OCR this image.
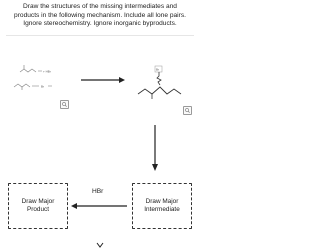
Draw the structures of the missing intermediates and
products in the following mechanism. Include all lone pairs.
Ignore stereochemistry. Ignore inorganic byproducts.
+ HBr
Br
Br
Draw Major
Product
HBr
Draw Major
Intermediate
